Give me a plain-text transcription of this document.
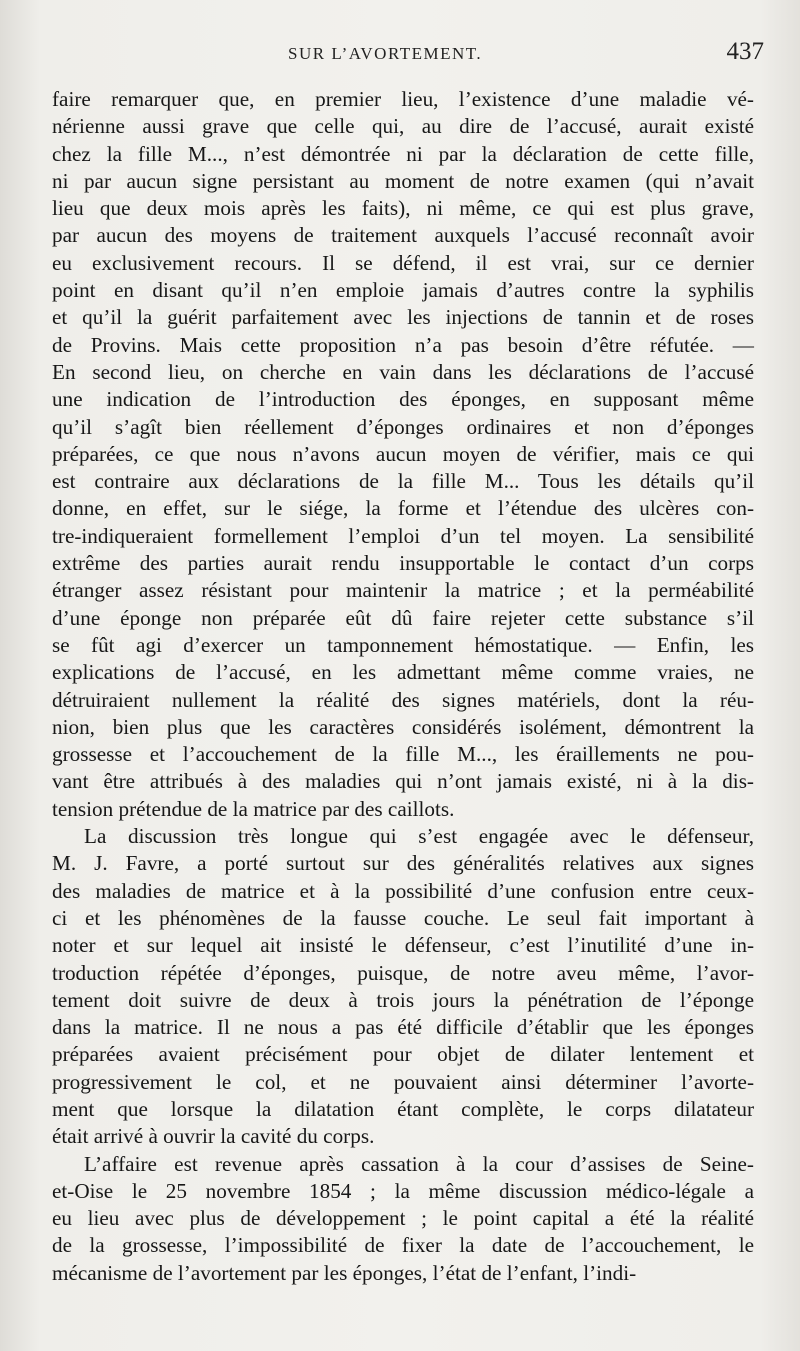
SUR L’AVORTEMENT.	437
faire remarquer que, en premier lieu, l’existence d’une maladie vé-
nérienne aussi grave que celle qui, au dire de l’accusé, aurait existé
chez la fille M..., n’est démontrée ni par la déclaration de cette fille,
ni par aucun signe persistant au moment de notre examen (qui n’avait
lieu que deux mois après les faits), ni même, ce qui est plus grave,
par aucun des moyens de traitement auxquels l’accusé reconnaît avoir
eu exclusivement recours. Il se défend, il est vrai, sur ce dernier
point en disant qu’il n’en emploie jamais d’autres contre la syphilis
et qu’il la guérit parfaitement avec les injections de tannin et de roses
de Provins. Mais cette proposition n’a pas besoin d’être réfutée. —
En second lieu, on cherche en vain dans les déclarations de l’accusé
une indication de l’introduction des éponges, en supposant même
qu’il s’agît bien réellement d’éponges ordinaires et non d’éponges
préparées, ce que nous n’avons aucun moyen de vérifier, mais ce qui
est contraire aux déclarations de la fille M... Tous les détails qu’il
donne, en effet, sur le siége, la forme et l’étendue des ulcères con-
tre-indiqueraient formellement l’emploi d’un tel moyen. La sensibilité
extrême des parties aurait rendu insupportable le contact d’un corps
étranger assez résistant pour maintenir la matrice ; et la perméabilité
d’une éponge non préparée eût dû faire rejeter cette substance s’il
se fût agi d’exercer un tamponnement hémostatique. — Enfin, les
explications de l’accusé, en les admettant même comme vraies, ne
détruiraient nullement la réalité des signes matériels, dont la réu-
nion, bien plus que les caractères considérés isolément, démontrent la
grossesse et l’accouchement de la fille M..., les éraillements ne pou-
vant être attribués à des maladies qui n’ont jamais existé, ni à la dis-
tension prétendue de la matrice par des caillots.
La discussion très longue qui s’est engagée avec le défenseur,
M. J. Favre, a porté surtout sur des généralités relatives aux signes
des maladies de matrice et à la possibilité d’une confusion entre ceux-
ci et les phénomènes de la fausse couche. Le seul fait important à
noter et sur lequel ait insisté le défenseur, c’est l’inutilité d’une in-
troduction répétée d’éponges, puisque, de notre aveu même, l’avor-
tement doit suivre de deux à trois jours la pénétration de l’éponge
dans la matrice. Il ne nous a pas été difficile d’établir que les éponges
préparées avaient précisément pour objet de dilater lentement et
progressivement le col, et ne pouvaient ainsi déterminer l’avorte-
ment que lorsque la dilatation étant complète, le corps dilatateur
était arrivé à ouvrir la cavité du corps.
L’affaire est revenue après cassation à la cour d’assises de Seine-
et-Oise le 25 novembre 1854 ; la même discussion médico-légale a
eu lieu avec plus de développement ; le point capital a été la réalité
de la grossesse, l’impossibilité de fixer la date de l’accouchement, le
mécanisme de l’avortement par les éponges, l’état de l’enfant, l’indi-
